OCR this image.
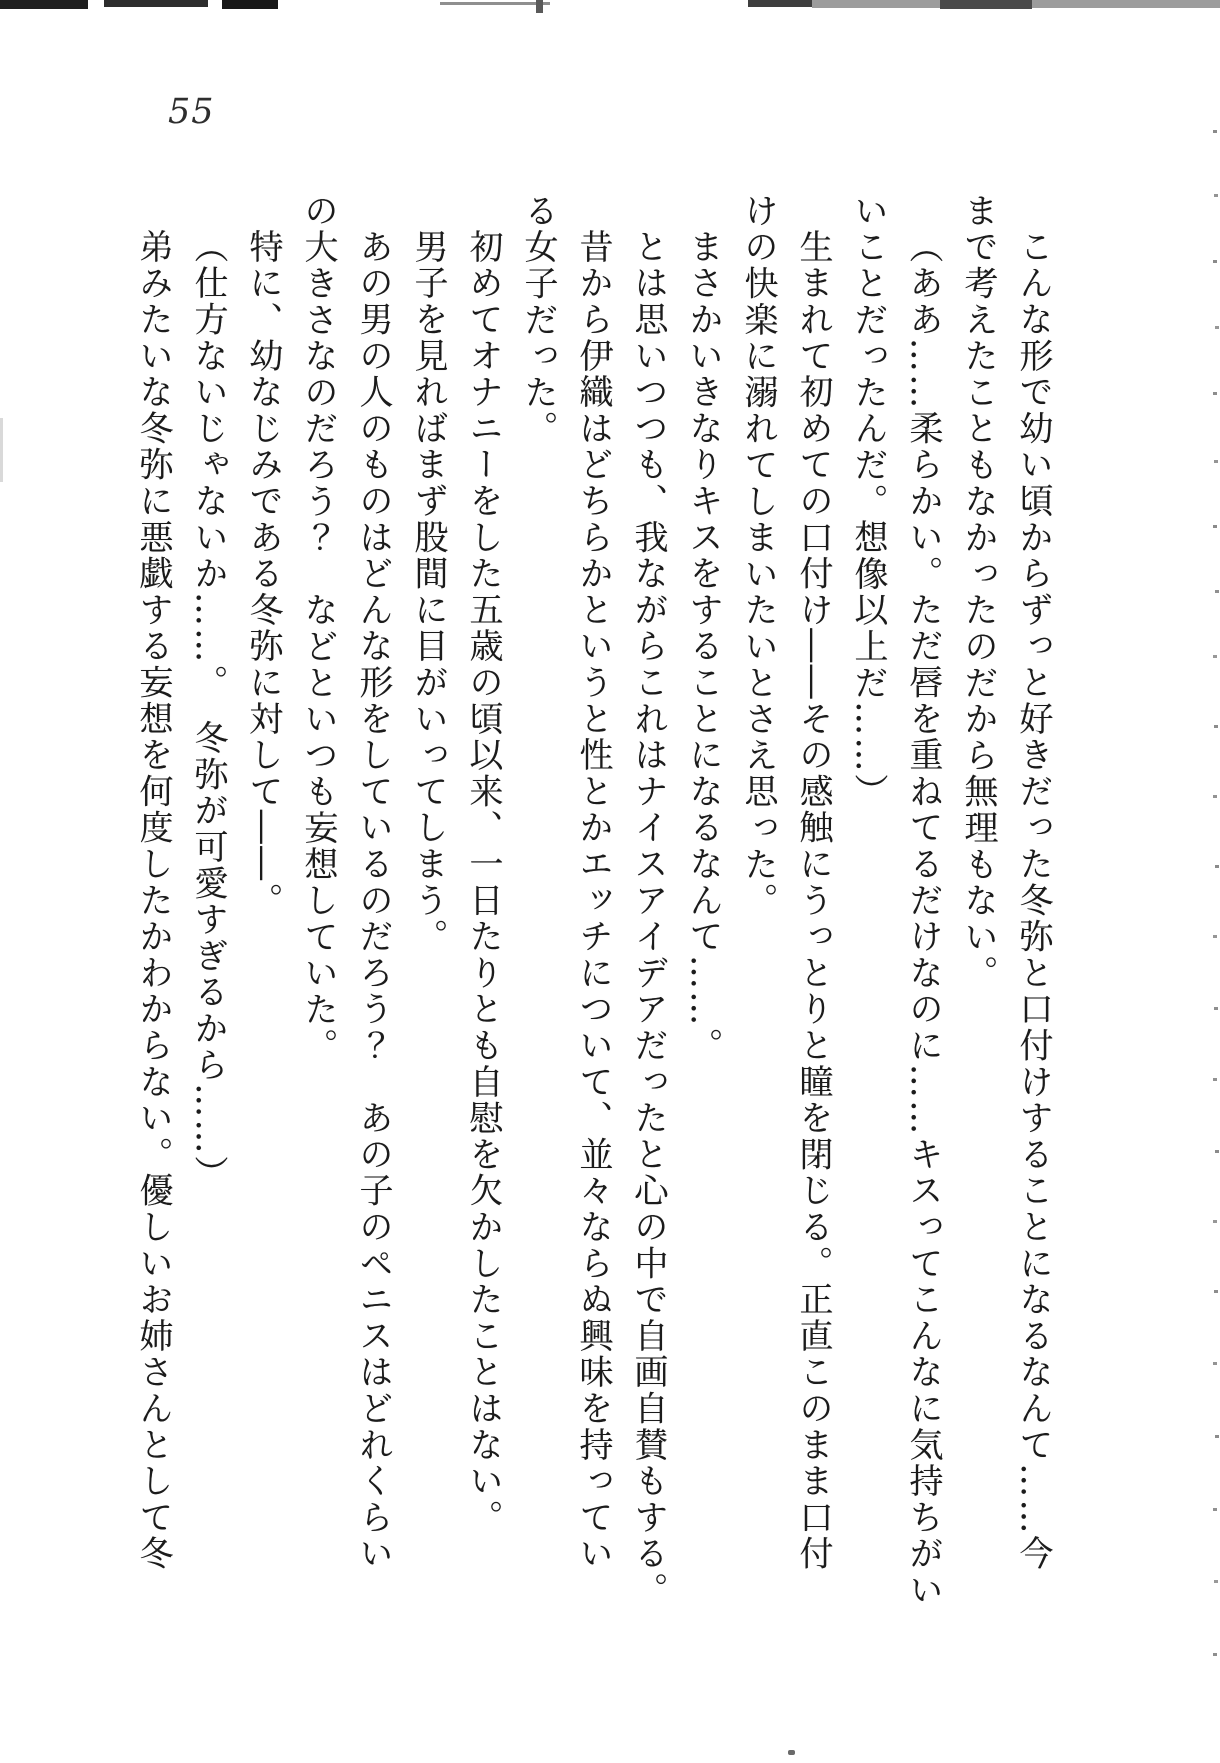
55

こんな形で幼い頃からずっと好きだった冬弥と口付けすることになるなんて……今

まで考えたこともなかったのだから無理もない。

（ああ……柔らかい。ただ唇を重ねてるだけなのに……キスってこんなに気持ちがい

いことだったんだ。想像以上だ……）

生まれて初めての口付け――その感触にうっとりと瞳を閉じる。正直このまま口付

けの快楽に溺れてしまいたいとさえ思った。

まさかいきなりキスをすることになるなんて……。

とは思いつつも、我ながらこれはナイスアイデアだったと心の中で自画自賛もする。

昔から伊織はどちらかというと性とかエッチについて、並々ならぬ興味を持ってい

る女子だった。

初めてオナニーをした五歳の頃以来、一日たりとも自慰を欠かしたことはない。

男子を見ればまず股間に目がいってしまう。

あの男の人のものはどんな形をしているのだろう？　あの子のペニスはどれくらい

の大きさなのだろう？　などといつも妄想していた。

特に、幼なじみである冬弥に対して――。

（仕方ないじゃないか……。　冬弥が可愛すぎるから……）

弟みたいな冬弥に悪戯する妄想を何度したかわからない。優しいお姉さんとして冬
